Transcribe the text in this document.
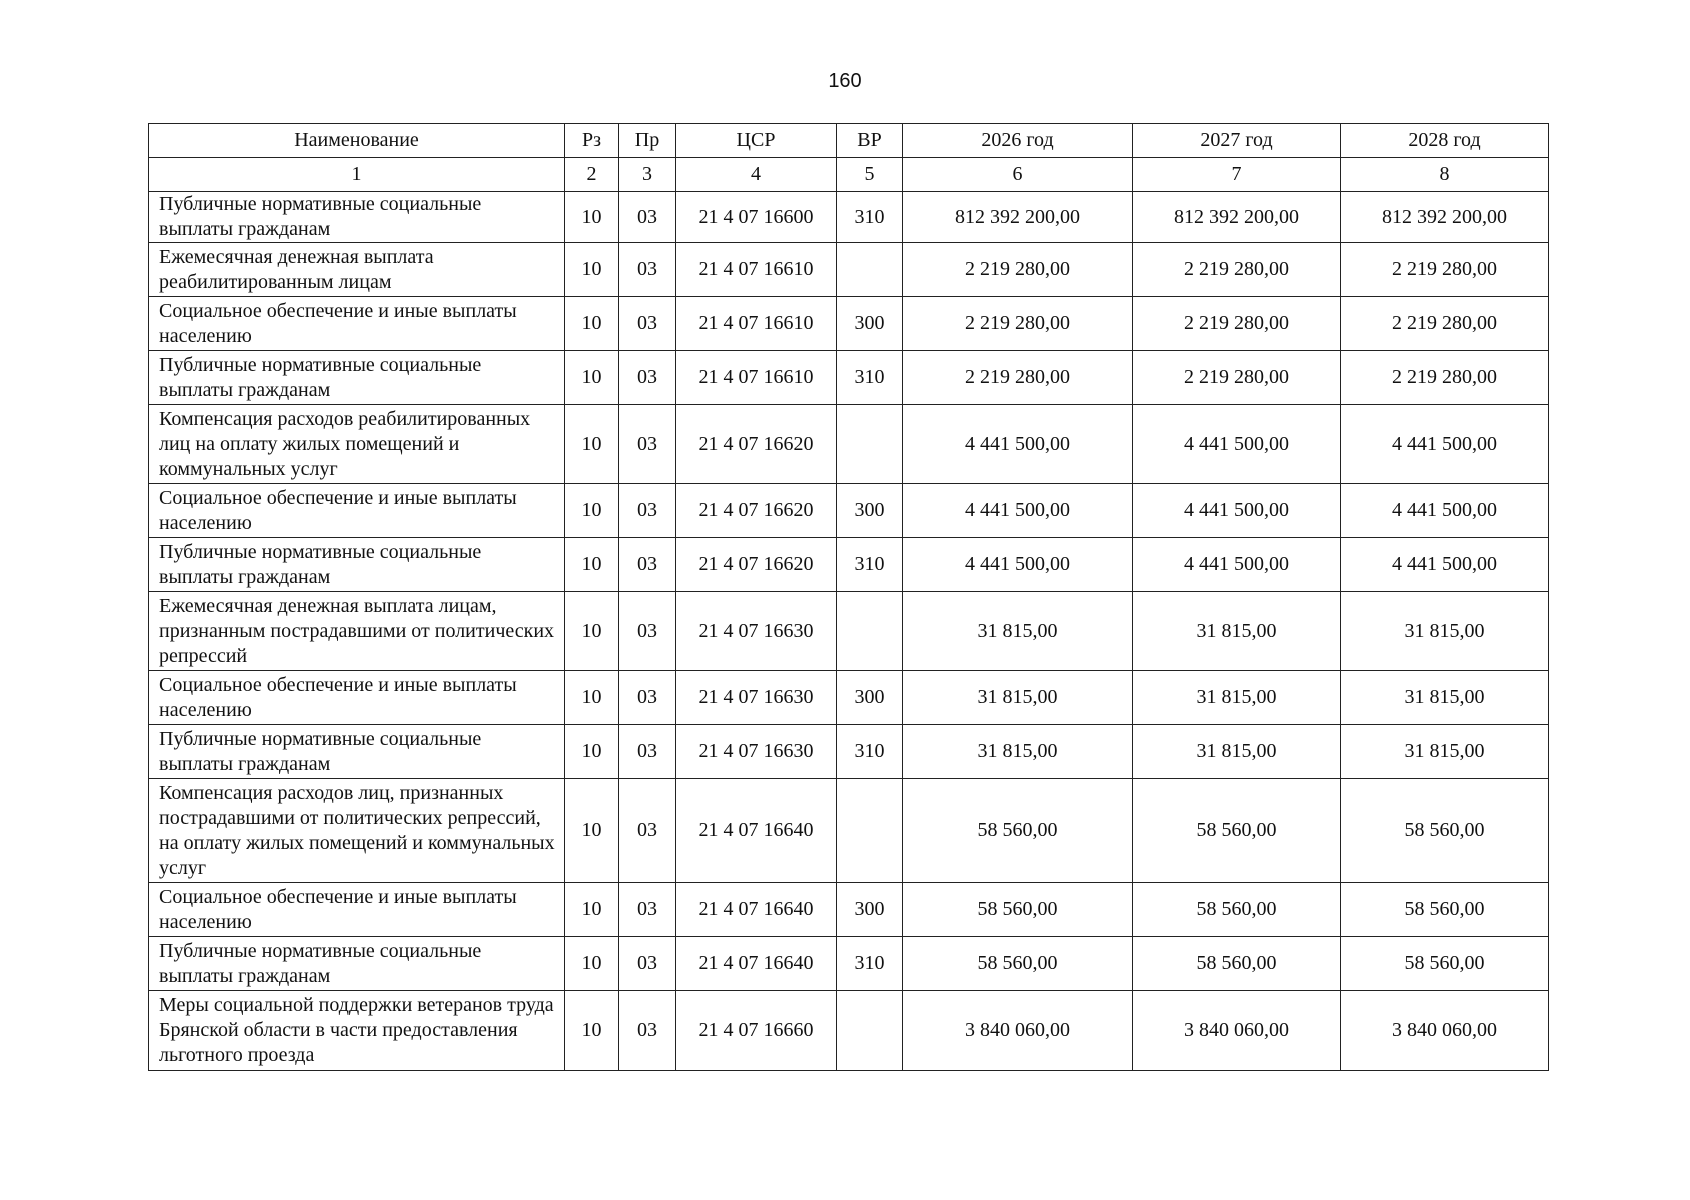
160
Наименование	Рз	Пр	ЦСР	ВР	2026 год	2027 год	2028 год
1	2	3	4	5	6	7	8
Публичные нормативные социальные выплаты гражданам	10	03	21 4 07 16600	310	812 392 200,00	812 392 200,00	812 392 200,00
Ежемесячная денежная выплата реабилитированным лицам	10	03	21 4 07 16610		2 219 280,00	2 219 280,00	2 219 280,00
Социальное обеспечение и иные выплаты населению	10	03	21 4 07 16610	300	2 219 280,00	2 219 280,00	2 219 280,00
Публичные нормативные социальные выплаты гражданам	10	03	21 4 07 16610	310	2 219 280,00	2 219 280,00	2 219 280,00
Компенсация расходов реабилитированных лиц на оплату жилых помещений и коммунальных услуг	10	03	21 4 07 16620		4 441 500,00	4 441 500,00	4 441 500,00
Социальное обеспечение и иные выплаты населению	10	03	21 4 07 16620	300	4 441 500,00	4 441 500,00	4 441 500,00
Публичные нормативные социальные выплаты гражданам	10	03	21 4 07 16620	310	4 441 500,00	4 441 500,00	4 441 500,00
Ежемесячная денежная выплата лицам, признанным пострадавшими от политических репрессий	10	03	21 4 07 16630		31 815,00	31 815,00	31 815,00
Социальное обеспечение и иные выплаты населению	10	03	21 4 07 16630	300	31 815,00	31 815,00	31 815,00
Публичные нормативные социальные выплаты гражданам	10	03	21 4 07 16630	310	31 815,00	31 815,00	31 815,00
Компенсация расходов лиц, признанных пострадавшими от политических репрессий, на оплату жилых помещений и коммунальных услуг	10	03	21 4 07 16640		58 560,00	58 560,00	58 560,00
Социальное обеспечение и иные выплаты населению	10	03	21 4 07 16640	300	58 560,00	58 560,00	58 560,00
Публичные нормативные социальные выплаты гражданам	10	03	21 4 07 16640	310	58 560,00	58 560,00	58 560,00
Меры социальной поддержки ветеранов труда Брянской области в части предоставления льготного проезда	10	03	21 4 07 16660		3 840 060,00	3 840 060,00	3 840 060,00
